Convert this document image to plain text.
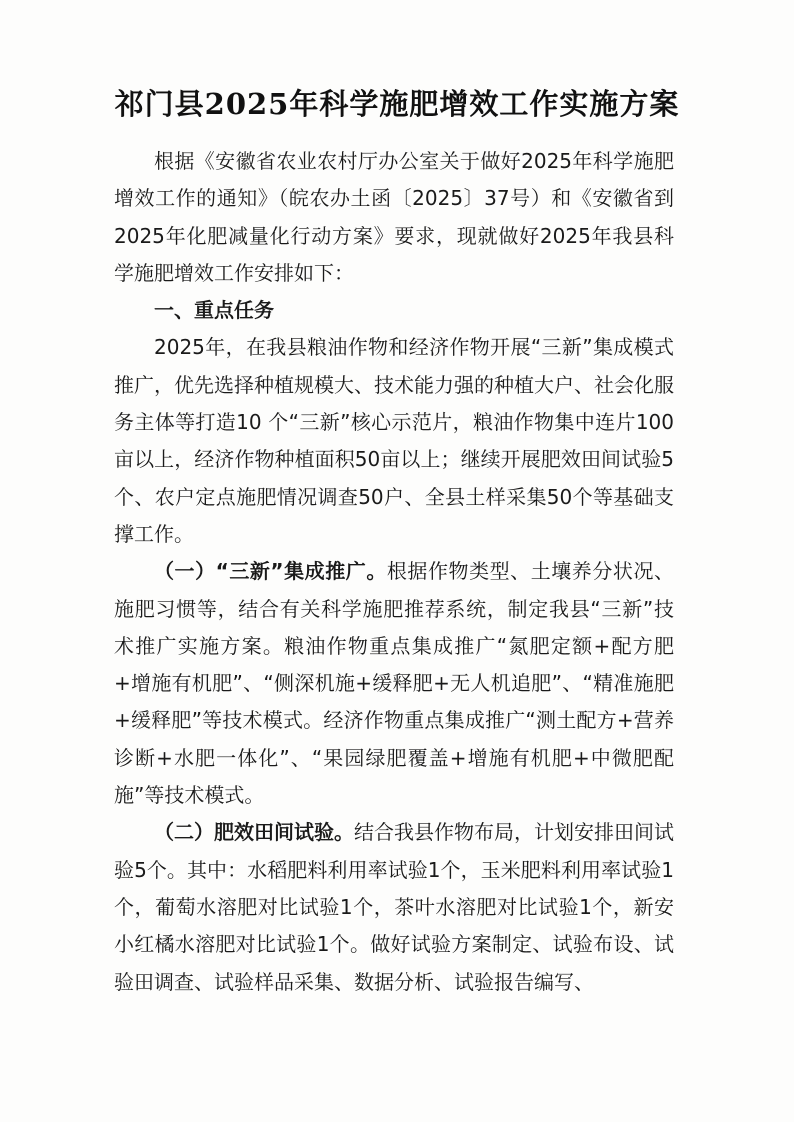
祁门县2025年科学施肥增效工作实施方案

根据《安徽省农业农村厅办公室关于做好2025年科学施肥增效工作的通知》（皖农办土函〔2025〕37号）和《安徽省到2025年化肥减量化行动方案》要求，现就做好2025年我县科学施肥增效工作安排如下：

一、重点任务

2025年，在我县粮油作物和经济作物开展“三新”集成模式推广，优先选择种植规模大、技术能力强的种植大户、社会化服务主体等打造10 个“三新”核心示范片，粮油作物集中连片100亩以上，经济作物种植面积50亩以上；继续开展肥效田间试验5个、农户定点施肥情况调查50户、全县土样采集50个等基础支撑工作。

（一）“三新”集成推广。根据作物类型、土壤养分状况、施肥习惯等，结合有关科学施肥推荐系统，制定我县“三新”技术推广实施方案。粮油作物重点集成推广“氮肥定额+配方肥+增施有机肥”、“侧深机施+缓释肥+无人机追肥”、“精准施肥+缓释肥”等技术模式。经济作物重点集成推广“测土配方+营养诊断+水肥一体化”、“果园绿肥覆盖+增施有机肥+中微肥配施”等技术模式。

（二）肥效田间试验。结合我县作物布局，计划安排田间试验5个。其中：水稻肥料利用率试验1个，玉米肥料利用率试验1个，葡萄水溶肥对比试验1个，茶叶水溶肥对比试验1个，新安小红橘水溶肥对比试验1个。做好试验方案制定、试验布设、试验田调查、试验样品采集、数据分析、试验报告编写、
